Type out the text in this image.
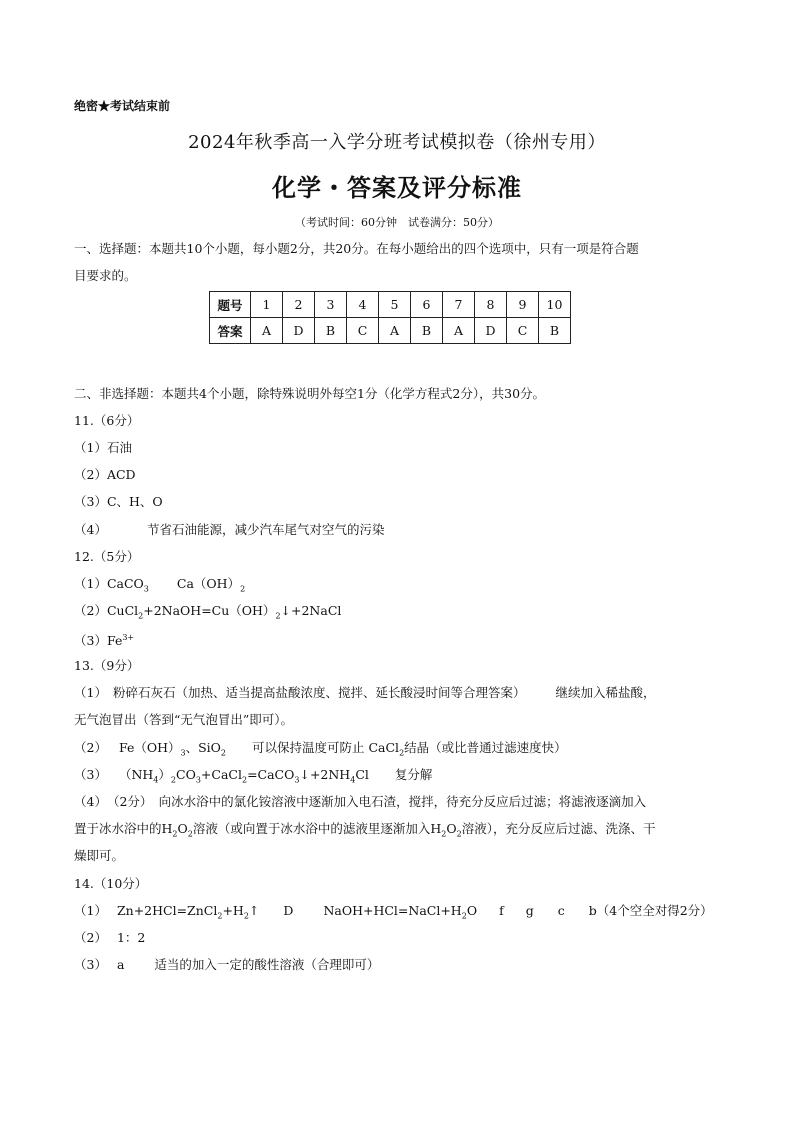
绝密★考试结束前
2024年秋季高一入学分班考试模拟卷（徐州专用）
化学・答案及评分标准
（考试时间：60分钟　试卷满分：50分）
一、选择题：本题共10个小题，每小题2分，共20分。在每小题给出的四个选项中，只有一项是符合题
目要求的。
题号	1	2	3	4	5	6	7	8	9	10
答案	A	D	B	C	A	B	A	D	C	B
二、非选择题：本题共4个小题，除特殊说明外每空1分（化学方程式2分），共30分。
11.（6分）
（1）石油
（2）ACD
（3）C、H、O
（4）	节省石油能源，减少汽车尾气对空气的污染
12.（5分）
（1）CaCO$_3$ $Ca(OH)_2$
$(2)CuCl_2+2NaOH=Cu(OH)_2↓+2NaCl$
$(3)Fe^{3+}$
13.（9分）
（1） 粉碎石灰石（加热、适当提高盐酸浓度、搅拌、延长酸浸时间等合理答案） 继续加入稀盐酸，
无气泡冒出（答到“无气泡冒出”即可）。
（2） $Fe(OH)_3$、SiO$_2$ 可以保持温度可防止 CaCl$_2$结晶（或比普通过滤速度快）
（3） $(NH_4)_2CO_3+CaCl_2=CaCO_3↓+2NH_4Cl$ 复分解
（4）　（2分）　向冰水浴中的氯化铵溶液中逐渐加入电石渣，搅拌，待充分反应后过滤；将滤液逐滴加入
置于冰水浴中的$H_2O_2$溶液（或向置于冰水浴中的滤液里逐渐加入$H_2O_2$溶液），充分反应后过滤、洗涤、干
燥即可。
14.（10分）
（1） $Zn+2HCl=ZnCl_2+H_2↑$ D $NaOH+HCl=NaCl+H_2O$ f g c b（4个空全对得2分）
（2） 1：2
（3） a 适当的加入一定的酸性溶液（合理即可）
